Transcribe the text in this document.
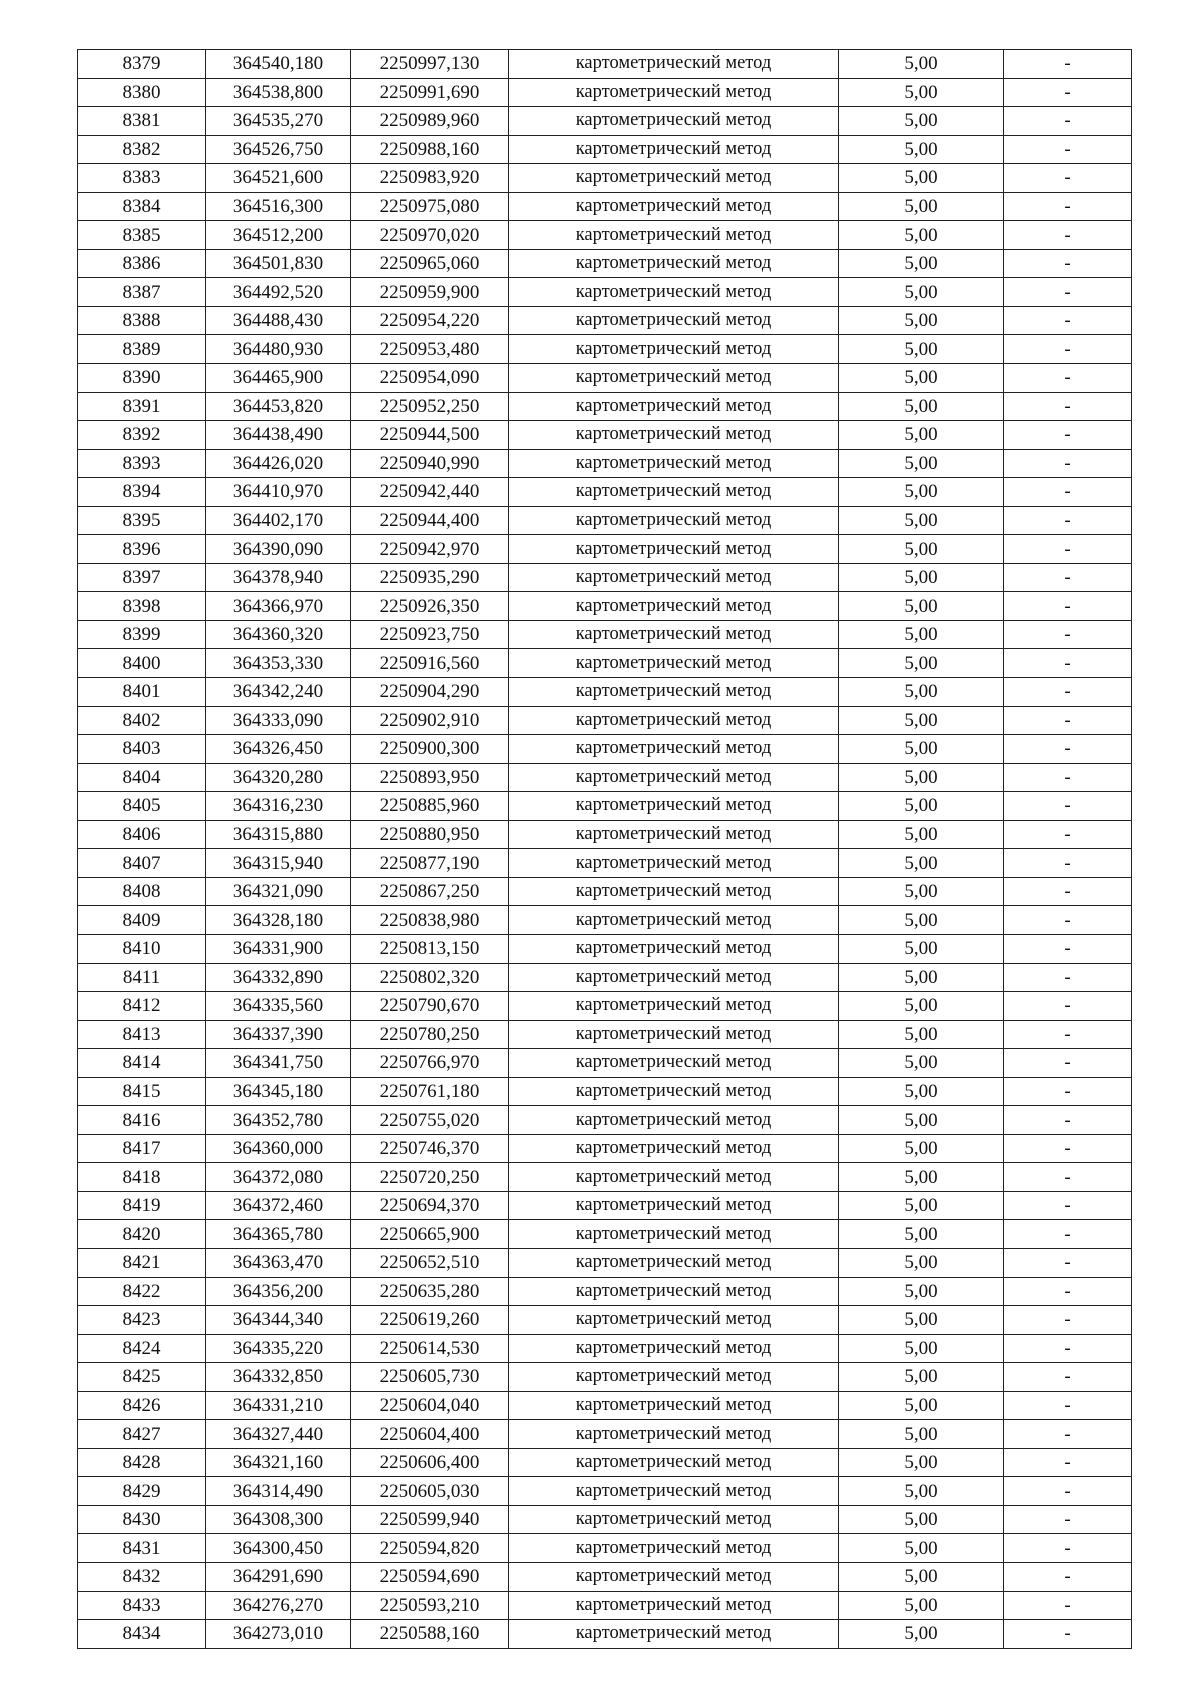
8379	364540,180	2250997,130	картометрический метод	5,00	-
8380	364538,800	2250991,690	картометрический метод	5,00	-
8381	364535,270	2250989,960	картометрический метод	5,00	-
8382	364526,750	2250988,160	картометрический метод	5,00	-
8383	364521,600	2250983,920	картометрический метод	5,00	-
8384	364516,300	2250975,080	картометрический метод	5,00	-
8385	364512,200	2250970,020	картометрический метод	5,00	-
8386	364501,830	2250965,060	картометрический метод	5,00	-
8387	364492,520	2250959,900	картометрический метод	5,00	-
8388	364488,430	2250954,220	картометрический метод	5,00	-
8389	364480,930	2250953,480	картометрический метод	5,00	-
8390	364465,900	2250954,090	картометрический метод	5,00	-
8391	364453,820	2250952,250	картометрический метод	5,00	-
8392	364438,490	2250944,500	картометрический метод	5,00	-
8393	364426,020	2250940,990	картометрический метод	5,00	-
8394	364410,970	2250942,440	картометрический метод	5,00	-
8395	364402,170	2250944,400	картометрический метод	5,00	-
8396	364390,090	2250942,970	картометрический метод	5,00	-
8397	364378,940	2250935,290	картометрический метод	5,00	-
8398	364366,970	2250926,350	картометрический метод	5,00	-
8399	364360,320	2250923,750	картометрический метод	5,00	-
8400	364353,330	2250916,560	картометрический метод	5,00	-
8401	364342,240	2250904,290	картометрический метод	5,00	-
8402	364333,090	2250902,910	картометрический метод	5,00	-
8403	364326,450	2250900,300	картометрический метод	5,00	-
8404	364320,280	2250893,950	картометрический метод	5,00	-
8405	364316,230	2250885,960	картометрический метод	5,00	-
8406	364315,880	2250880,950	картометрический метод	5,00	-
8407	364315,940	2250877,190	картометрический метод	5,00	-
8408	364321,090	2250867,250	картометрический метод	5,00	-
8409	364328,180	2250838,980	картометрический метод	5,00	-
8410	364331,900	2250813,150	картометрический метод	5,00	-
8411	364332,890	2250802,320	картометрический метод	5,00	-
8412	364335,560	2250790,670	картометрический метод	5,00	-
8413	364337,390	2250780,250	картометрический метод	5,00	-
8414	364341,750	2250766,970	картометрический метод	5,00	-
8415	364345,180	2250761,180	картометрический метод	5,00	-
8416	364352,780	2250755,020	картометрический метод	5,00	-
8417	364360,000	2250746,370	картометрический метод	5,00	-
8418	364372,080	2250720,250	картометрический метод	5,00	-
8419	364372,460	2250694,370	картометрический метод	5,00	-
8420	364365,780	2250665,900	картометрический метод	5,00	-
8421	364363,470	2250652,510	картометрический метод	5,00	-
8422	364356,200	2250635,280	картометрический метод	5,00	-
8423	364344,340	2250619,260	картометрический метод	5,00	-
8424	364335,220	2250614,530	картометрический метод	5,00	-
8425	364332,850	2250605,730	картометрический метод	5,00	-
8426	364331,210	2250604,040	картометрический метод	5,00	-
8427	364327,440	2250604,400	картометрический метод	5,00	-
8428	364321,160	2250606,400	картометрический метод	5,00	-
8429	364314,490	2250605,030	картометрический метод	5,00	-
8430	364308,300	2250599,940	картометрический метод	5,00	-
8431	364300,450	2250594,820	картометрический метод	5,00	-
8432	364291,690	2250594,690	картометрический метод	5,00	-
8433	364276,270	2250593,210	картометрический метод	5,00	-
8434	364273,010	2250588,160	картометрический метод	5,00	-
